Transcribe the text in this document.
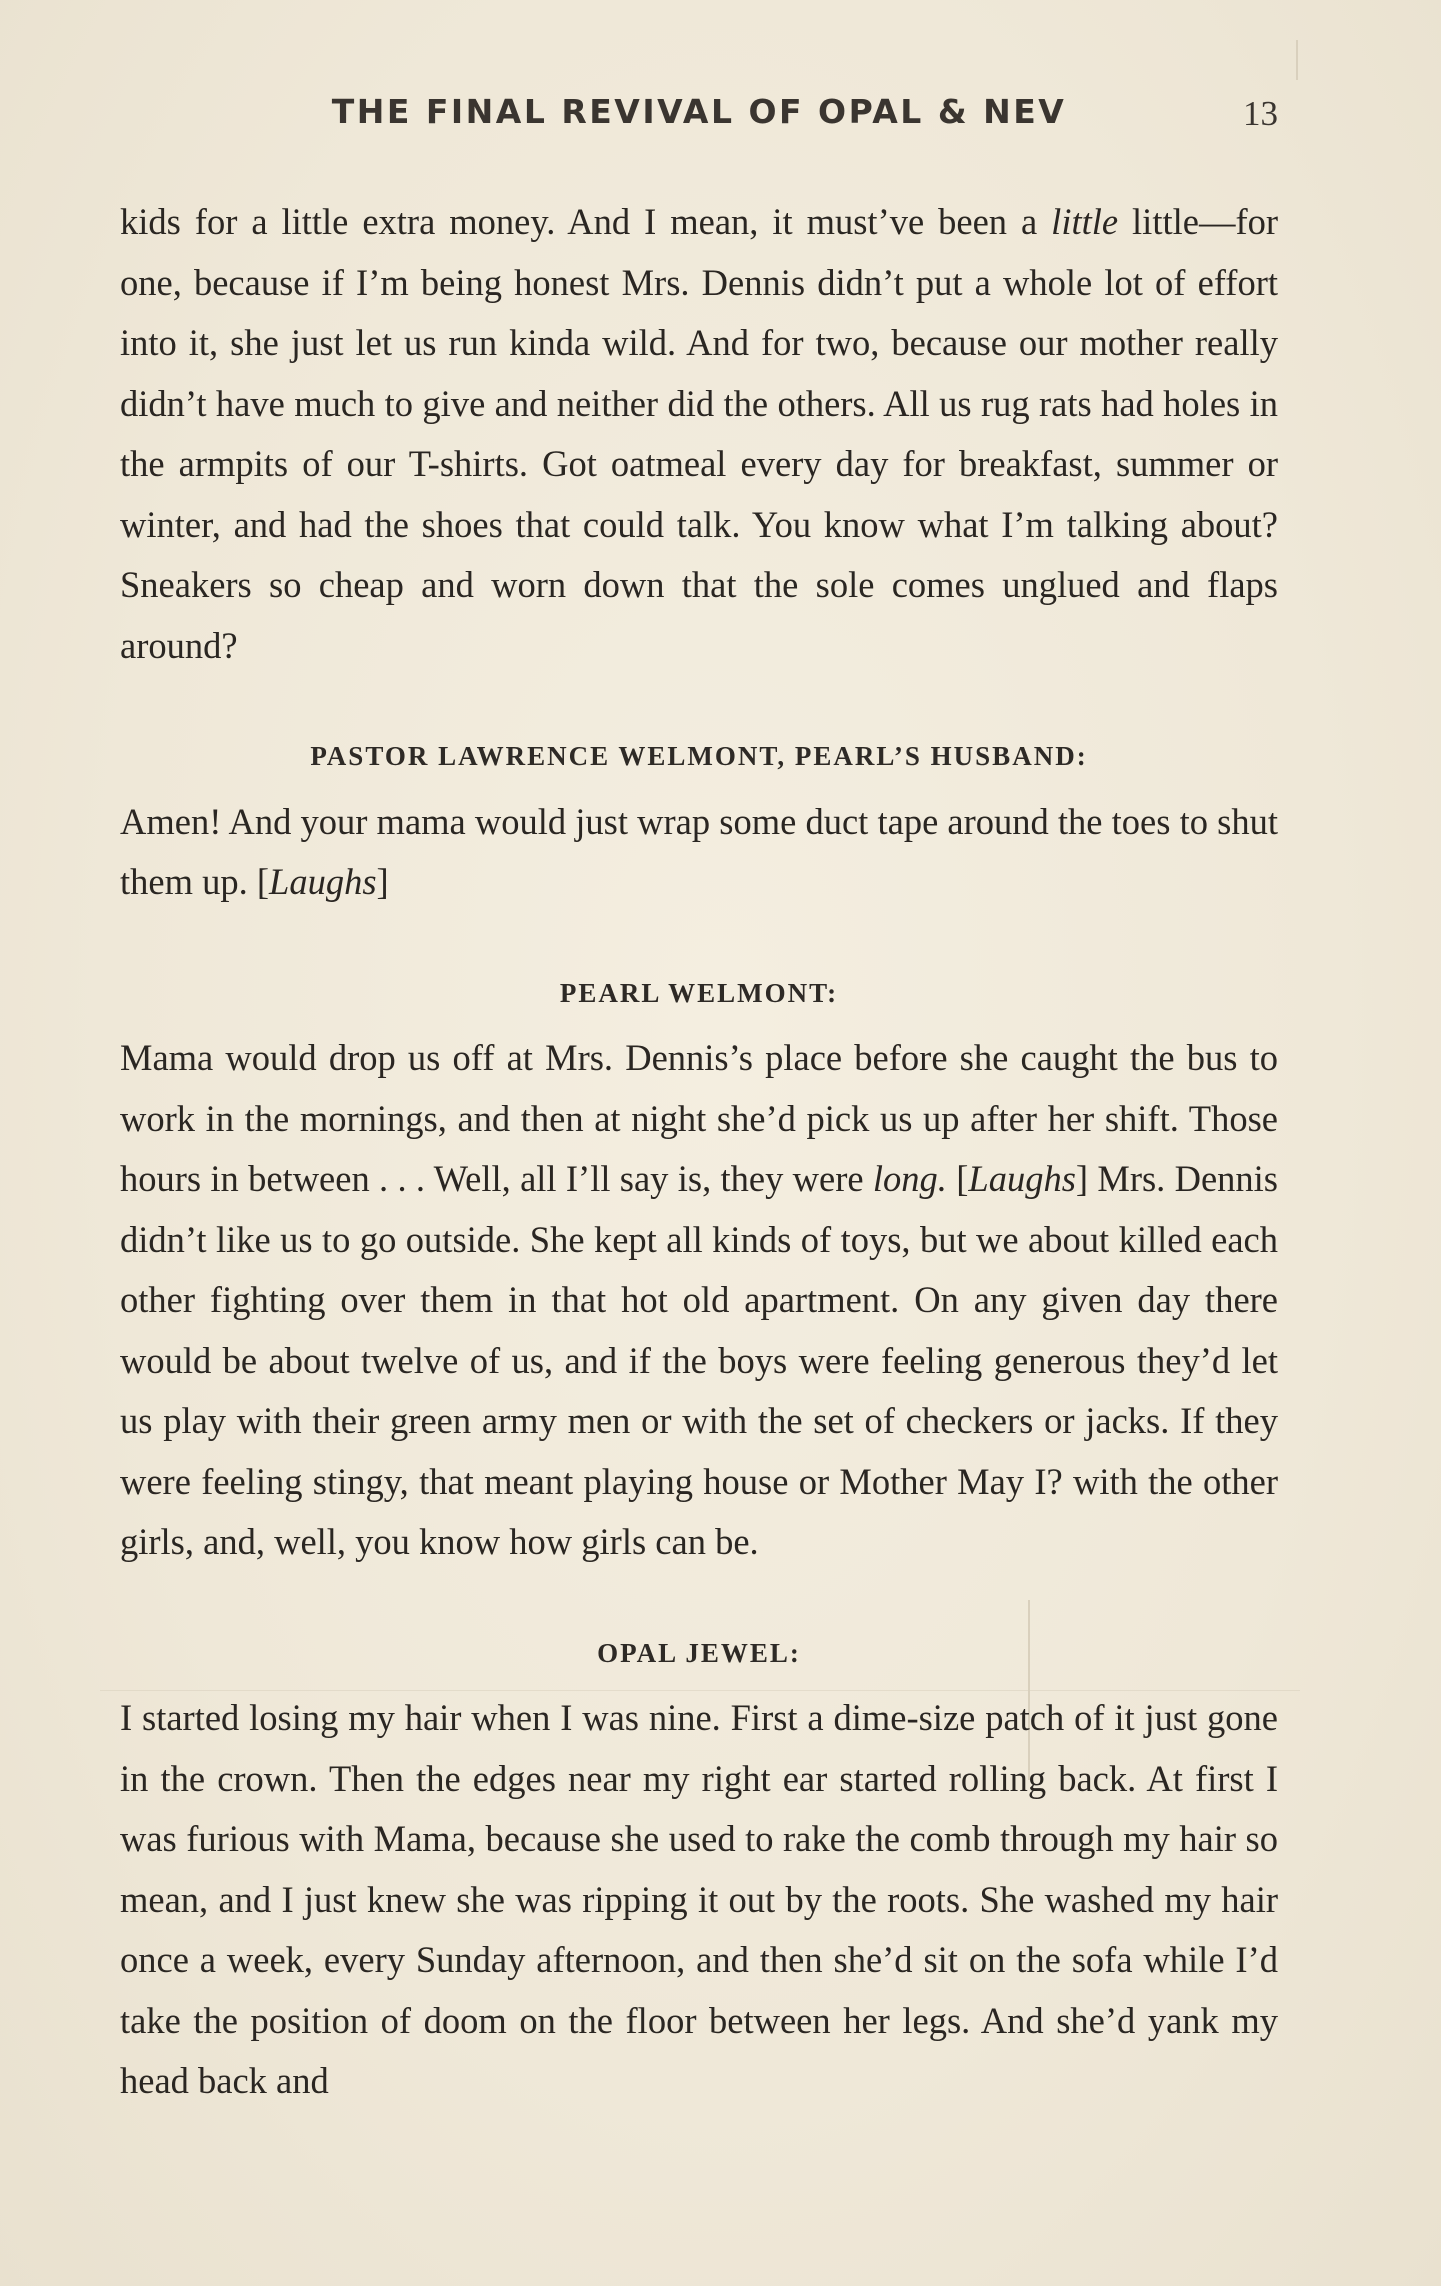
THE FINAL REVIVAL OF OPAL & NEV	13

kids for a little extra money. And I mean, it must’ve been a little little—for one, because if I’m being honest Mrs. Dennis didn’t put a whole lot of effort into it, she just let us run kinda wild. And for two, because our mother really didn’t have much to give and neither did the others. All us rug rats had holes in the armpits of our T-shirts. Got oatmeal every day for breakfast, summer or winter, and had the shoes that could talk. You know what I’m talking about? Sneakers so cheap and worn down that the sole comes unglued and flaps around?

PASTOR LAWRENCE WELMONT, PEARL’S HUSBAND:

Amen! And your mama would just wrap some duct tape around the toes to shut them up. [Laughs]

PEARL WELMONT:

Mama would drop us off at Mrs. Dennis’s place before she caught the bus to work in the mornings, and then at night she’d pick us up after her shift. Those hours in between . . . Well, all I’ll say is, they were long. [Laughs] Mrs. Dennis didn’t like us to go outside. She kept all kinds of toys, but we about killed each other fighting over them in that hot old apartment. On any given day there would be about twelve of us, and if the boys were feeling generous they’d let us play with their green army men or with the set of checkers or jacks. If they were feeling stingy, that meant playing house or Mother May I? with the other girls, and, well, you know how girls can be.

OPAL JEWEL:

I started losing my hair when I was nine. First a dime-size patch of it just gone in the crown. Then the edges near my right ear started rolling back. At first I was furious with Mama, because she used to rake the comb through my hair so mean, and I just knew she was ripping it out by the roots. She washed my hair once a week, every Sunday afternoon, and then she’d sit on the sofa while I’d take the position of doom on the floor between her legs. And she’d yank my head back and
